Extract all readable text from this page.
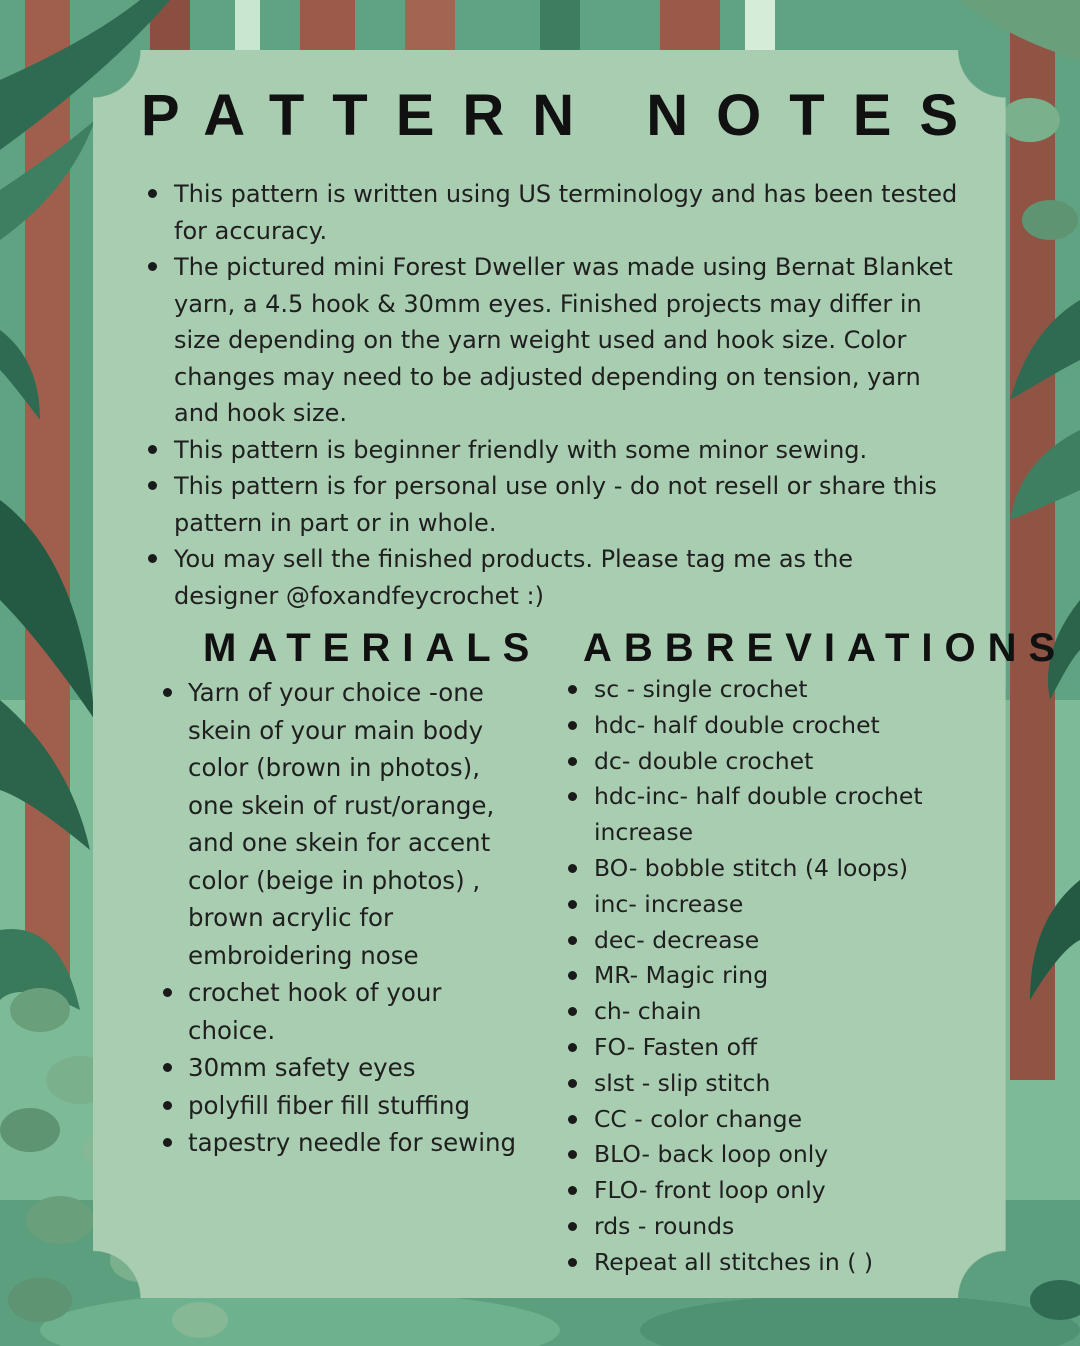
PATTERN NOTES
This pattern is written using US terminology and has been tested for accuracy.
The pictured mini Forest Dweller was made using Bernat Blanket yarn, a 4.5 hook & 30mm eyes. Finished projects may differ in size depending on the yarn weight used and hook size. Color changes may need to be adjusted depending on tension, yarn and hook size.
This pattern is beginner friendly with some minor sewing.
This pattern is for personal use only - do not resell or share this pattern in part or in whole.
You may sell the finished products. Please tag me as the designer @foxandfeycrochet :)
MATERIALS ABBREVIATIONS
Yarn of your choice -one skein of your main body color (brown in photos), one skein of rust/orange, and one skein for accent color (beige in photos) , brown acrylic for embroidering nose
crochet hook of your choice.
30mm safety eyes
polyfill fiber fill stuffing
tapestry needle for sewing
sc - single crochet
hdc- half double crochet
dc- double crochet
hdc-inc- half double crochet increase
BO- bobble stitch (4 loops)
inc- increase
dec- decrease
MR- Magic ring
ch- chain
FO- Fasten off
slst - slip stitch
CC - color change
BLO- back loop only
FLO- front loop only
rds - rounds
Repeat all stitches in ( )
